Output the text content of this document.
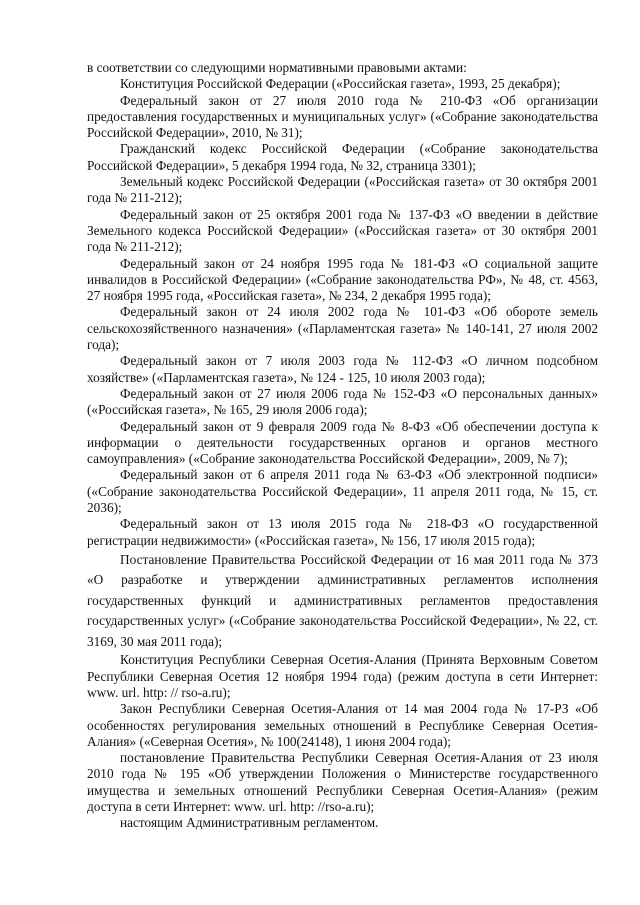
в соответствии со следующими нормативными правовыми актами:

Конституция Российской Федерации («Российская газета», 1993, 25 декабря);

Федеральный закон от 27 июля 2010 года № 210-ФЗ «Об организации предоставления государственных и муниципальных услуг» («Собрание законодательства Российской Федерации», 2010, № 31);

Гражданский кодекс Российской Федерации («Собрание законодательства Российской Федерации», 5 декабря 1994 года, № 32, страница 3301);

Земельный кодекс Российской Федерации («Российская газета» от 30 октября 2001 года № 211-212);

Федеральный закон от 25 октября 2001 года № 137-ФЗ «О введении в действие Земельного кодекса Российской Федерации» («Российская газета» от 30 октября 2001 года № 211-212);

Федеральный закон от 24 ноября 1995 года № 181-ФЗ «О социальной защите инвалидов в Российской Федерации» («Собрание законодательства РФ», № 48, ст. 4563, 27 ноября 1995 года, «Российская газета», № 234, 2 декабря 1995 года);

Федеральный закон от 24 июля 2002 года № 101-ФЗ «Об обороте земель сельскохозяйственного назначения» («Парламентская газета» № 140-141, 27 июля 2002 года);

Федеральный закон от 7 июля 2003 года № 112-ФЗ «О личном подсобном хозяйстве» («Парламентская газета», № 124 - 125, 10 июля 2003 года);

Федеральный закон от 27 июля 2006 года № 152-ФЗ «О персональных данных» («Российская газета», № 165, 29 июля 2006 года);

Федеральный закон от 9 февраля 2009 года № 8-ФЗ «Об обеспечении доступа к информации о деятельности государственных органов и органов местного самоуправления» («Собрание законодательства Российской Федерации», 2009, № 7);

Федеральный закон от 6 апреля 2011 года № 63-ФЗ «Об электронной подписи» («Собрание законодательства Российской Федерации», 11 апреля 2011 года, № 15, ст. 2036);

Федеральный закон от 13 июля 2015 года № 218-ФЗ «О государственной регистрации недвижимости» («Российская газета», № 156, 17 июля 2015 года);

Постановление Правительства Российской Федерации от 16 мая 2011 года № 373 «О разработке и утверждении административных регламентов исполнения государственных функций и административных регламентов предоставления государственных услуг» («Собрание законодательства Российской Федерации», № 22, ст. 3169, 30 мая 2011 года);

Конституция Республики Северная Осетия-Алания (Принята Верховным Советом Республики Северная Осетия 12 ноября 1994 года) (режим доступа в сети Интернет: www. url. http: // rso-a.ru);

Закон Республики Северная Осетия-Алания от 14 мая 2004 года № 17-РЗ «Об особенностях регулирования земельных отношений в Республике Северная Осетия-Алания» («Северная Осетия», № 100(24148), 1 июня 2004 года);

постановление Правительства Республики Северная Осетия-Алания от 23 июля 2010 года № 195 «Об утверждении Положения о Министерстве государственного имущества и земельных отношений Республики Северная Осетия-Алания» (режим доступа в сети Интернет: www. url. http: //rso-a.ru);

настоящим Административным регламентом.
